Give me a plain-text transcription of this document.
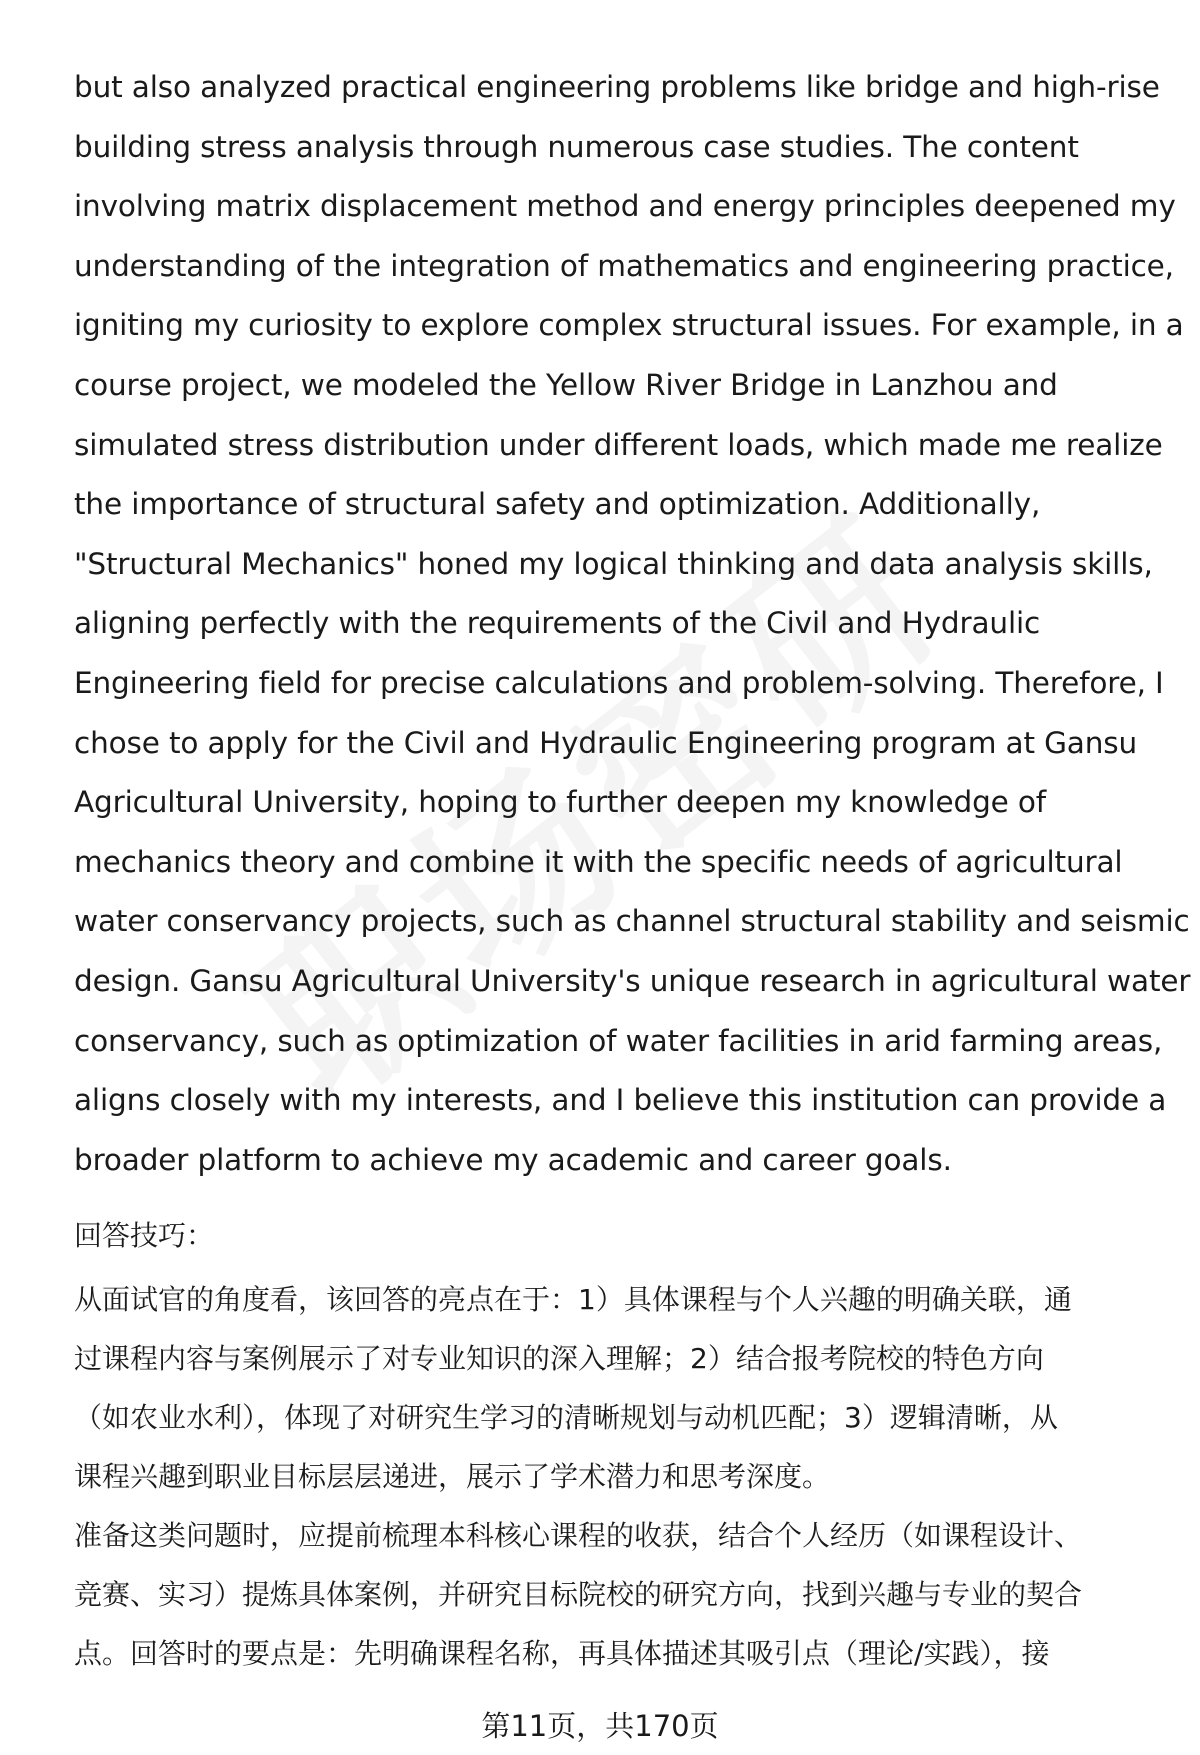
but also analyzed practical engineering problems like bridge and high-rise
building stress analysis through numerous case studies. The content
involving matrix displacement method and energy principles deepened my
understanding of the integration of mathematics and engineering practice,
igniting my curiosity to explore complex structural issues. For example, in a
course project, we modeled the Yellow River Bridge in Lanzhou and
simulated stress distribution under different loads, which made me realize
the importance of structural safety and optimization. Additionally,
"Structural Mechanics" honed my logical thinking and data analysis skills,
aligning perfectly with the requirements of the Civil and Hydraulic
Engineering field for precise calculations and problem-solving. Therefore, I
chose to apply for the Civil and Hydraulic Engineering program at Gansu
Agricultural University, hoping to further deepen my knowledge of
mechanics theory and combine it with the specific needs of agricultural
water conservancy projects, such as channel structural stability and seismic
design. Gansu Agricultural University's unique research in agricultural water
conservancy, such as optimization of water facilities in arid farming areas,
aligns closely with my interests, and I believe this institution can provide a
broader platform to achieve my academic and career goals.
回答技巧：
从面试官的角度看，该回答的亮点在于：1）具体课程与个人兴趣的明确关联，通
过课程内容与案例展示了对专业知识的深入理解；2）结合报考院校的特色方向
（如农业水利），体现了对研究生学习的清晰规划与动机匹配；3）逻辑清晰，从
课程兴趣到职业目标层层递进，展示了学术潜力和思考深度。
准备这类问题时，应提前梳理本科核心课程的收获，结合个人经历（如课程设计、
竞赛、实习）提炼具体案例，并研究目标院校的研究方向，找到兴趣与专业的契合
点。回答时的要点是：先明确课程名称，再具体描述其吸引点（理论/实践），接
第11页，共170页
